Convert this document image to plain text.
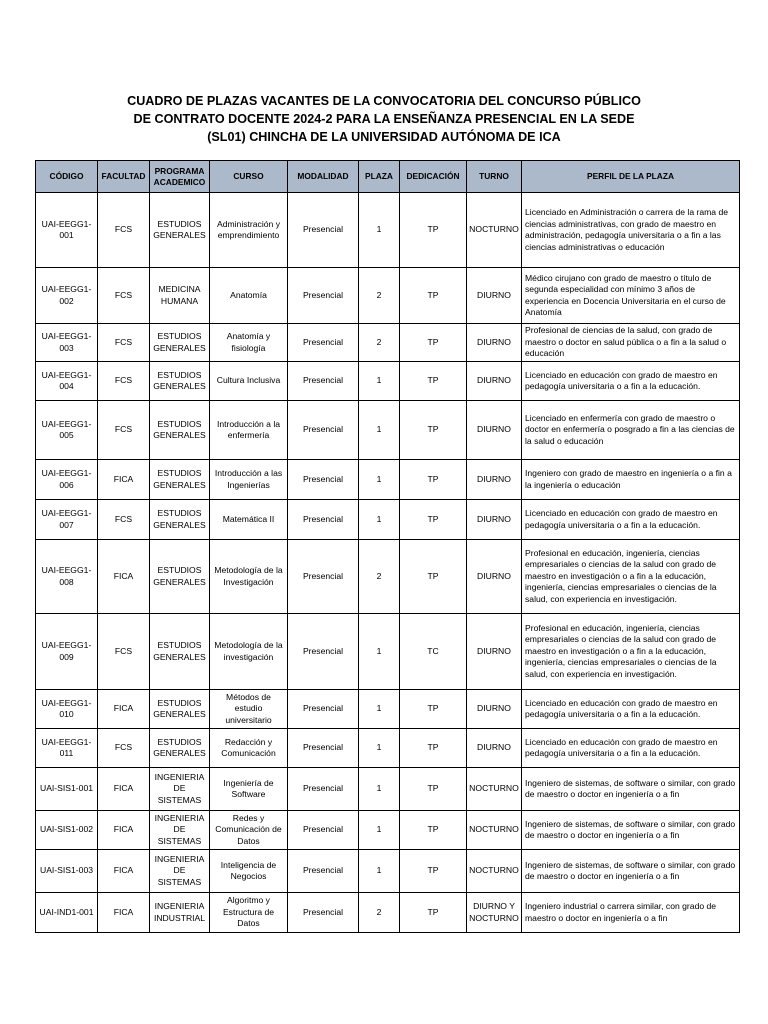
CUADRO DE PLAZAS VACANTES DE LA CONVOCATORIA DEL CONCURSO PÚBLICO
DE CONTRATO DOCENTE 2024-2 PARA LA ENSEÑANZA PRESENCIAL EN LA SEDE
(SL01) CHINCHA DE LA UNIVERSIDAD AUTÓNOMA DE ICA
CÓDIGO	FACULTAD	PROGRAMA ACADEMICO	CURSO	MODALIDAD	PLAZA	DEDICACIÓN	TURNO	PERFIL DE LA PLAZA
UAI-EEGG1-001	FCS	ESTUDIOS GENERALES	Administración y emprendimiento	Presencial	1	TP	NOCTURNO	Licenciado en Administración o carrera de la rama de ciencias administrativas, con grado de maestro en administración, pedagogía universitaria o a fin a las ciencias administrativas o educación
UAI-EEGG1-002	FCS	MEDICINA HUMANA	Anatomía	Presencial	2	TP	DIURNO	Médico cirujano con grado de maestro o título de segunda especialidad con mínimo 3 años de experiencia en Docencia Universitaria en el curso de Anatomía
UAI-EEGG1-003	FCS	ESTUDIOS GENERALES	Anatomía y fisiología	Presencial	2	TP	DIURNO	Profesional de ciencias de la salud, con grado de maestro o doctor en salud pública o a fin a la salud o educación
UAI-EEGG1-004	FCS	ESTUDIOS GENERALES	Cultura Inclusiva	Presencial	1	TP	DIURNO	Licenciado en educación con grado de maestro en pedagogía universitaria o a fin a la educación.
UAI-EEGG1-005	FCS	ESTUDIOS GENERALES	Introducción a la enfermería	Presencial	1	TP	DIURNO	Licenciado en enfermería con grado de maestro o doctor en enfermería o posgrado a fin a las ciencias de la salud o educación
UAI-EEGG1-006	FICA	ESTUDIOS GENERALES	Introducción a las Ingenierías	Presencial	1	TP	DIURNO	Ingeniero con grado de maestro en ingeniería o a fin a la ingeniería o educación
UAI-EEGG1-007	FCS	ESTUDIOS GENERALES	Matemática II	Presencial	1	TP	DIURNO	Licenciado en educación con grado de maestro en pedagogía universitaria o a fin a la educación.
UAI-EEGG1-008	FICA	ESTUDIOS GENERALES	Metodología de la Investigación	Presencial	2	TP	DIURNO	Profesional en educación, ingeniería, ciencias empresariales o ciencias de la salud con grado de maestro en investigación o a fin a la educación, ingeniería, ciencias empresariales o ciencias de la salud, con experiencia en investigación.
UAI-EEGG1-009	FCS	ESTUDIOS GENERALES	Metodología de la investigación	Presencial	1	TC	DIURNO	Profesional en educación, ingeniería, ciencias empresariales o ciencias de la salud con grado de maestro en investigación o a fin a la educación, ingeniería, ciencias empresariales o ciencias de la salud, con experiencia en investigación.
UAI-EEGG1-010	FICA	ESTUDIOS GENERALES	Métodos de estudio universitario	Presencial	1	TP	DIURNO	Licenciado en educación con grado de maestro en pedagogía universitaria o a fin a la educación.
UAI-EEGG1-011	FCS	ESTUDIOS GENERALES	Redacción y Comunicación	Presencial	1	TP	DIURNO	Licenciado en educación con grado de maestro en pedagogía universitaria o a fin a la educación.
UAI-SIS1-001	FICA	INGENIERIA DE SISTEMAS	Ingeniería de Software	Presencial	1	TP	NOCTURNO	Ingeniero de sistemas, de software o similar, con grado de maestro o doctor en ingeniería o a fin
UAI-SIS1-002	FICA	INGENIERIA DE SISTEMAS	Redes y Comunicación de Datos	Presencial	1	TP	NOCTURNO	Ingeniero de sistemas, de software o similar, con grado de maestro o doctor en ingeniería o a fin
UAI-SIS1-003	FICA	INGENIERIA DE SISTEMAS	Inteligencia de Negocios	Presencial	1	TP	NOCTURNO	Ingeniero de sistemas, de software o similar, con grado de maestro o doctor en ingeniería o a fin
UAI-IND1-001	FICA	INGENIERIA INDUSTRIAL	Algoritmo y Estructura de Datos	Presencial	2	TP	DIURNO Y NOCTURNO	Ingeniero industrial o carrera similar, con grado de maestro o doctor en ingeniería o a fin
